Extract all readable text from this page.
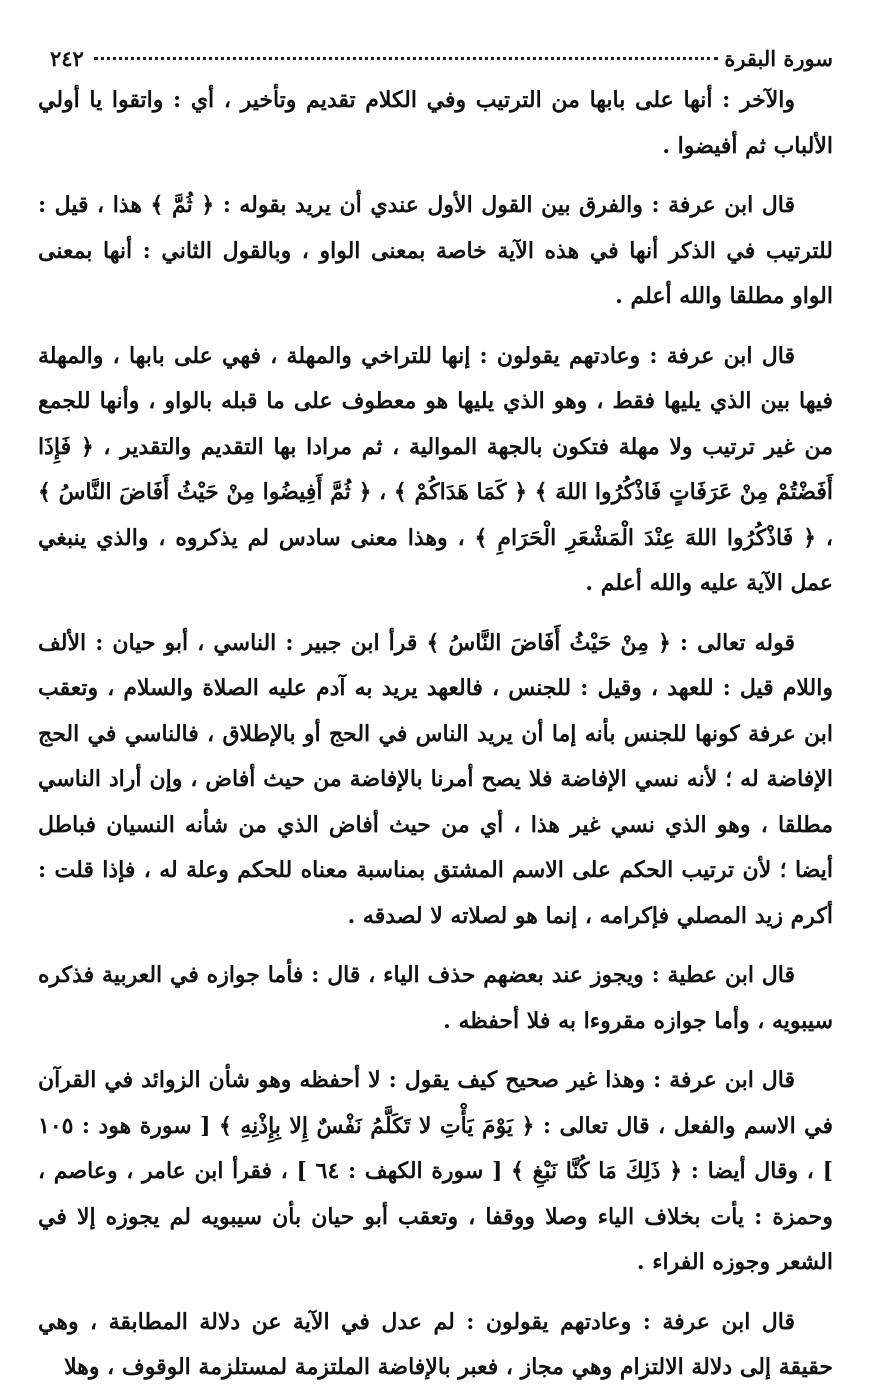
سورة البقرة
٢٤٢

والآخر : أنها على بابها من الترتيب وفي الكلام تقديم وتأخير ، أي : واتقوا يا أولي الألباب ثم أفيضوا .

قال ابن عرفة : والفرق بين القول الأول عندي أن يريد بقوله : ﴿ ثُمَّ ﴾ هذا ، قيل : للترتيب في الذكر أنها في هذه الآية خاصة بمعنى الواو ، وبالقول الثاني : أنها بمعنى الواو مطلقا والله أعلم .

قال ابن عرفة : وعادتهم يقولون : إنها للتراخي والمهلة ، فهي على بابها ، والمهلة فيها بين الذي يليها فقط ، وهو الذي يليها هو معطوف على ما قبله بالواو ، وأنها للجمع من غير ترتيب ولا مهلة فتكون بالجهة الموالية ، ثم مرادا بها التقديم والتقدير ، ﴿ فَإِذَا أَفَضْتُمْ مِنْ عَرَفَاتٍ فَاذْكُرُوا اللهَ ﴾ ﴿ كَمَا هَدَاكُمْ ﴾ ، ﴿ ثُمَّ أَفِيضُوا مِنْ حَيْثُ أَفَاضَ النَّاسُ ﴾ ، ﴿ فَاذْكُرُوا اللهَ عِنْدَ الْمَشْعَرِ الْحَرَامِ ﴾ ، وهذا معنى سادس لم يذكروه ، والذي ينبغي عمل الآية عليه والله أعلم .

قوله تعالى : ﴿ مِنْ حَيْثُ أَفَاضَ النَّاسُ ﴾ قرأ ابن جبير : الناسي ، أبو حيان : الألف واللام قيل : للعهد ، وقيل : للجنس ، فالعهد يريد به آدم عليه الصلاة والسلام ، وتعقب ابن عرفة كونها للجنس بأنه إما أن يريد الناس في الحج أو بالإطلاق ، فالناسي في الحج الإفاضة له ؛ لأنه نسي الإفاضة فلا يصح أمرنا بالإفاضة من حيث أفاض ، وإن أراد الناسي مطلقا ، وهو الذي نسي غير هذا ، أي من حيث أفاض الذي من شأنه النسيان فباطل أيضا ؛ لأن ترتيب الحكم على الاسم المشتق بمناسبة معناه للحكم وعلة له ، فإذا قلت : أكرم زيد المصلي فإكرامه ، إنما هو لصلاته لا لصدقه .

قال ابن عطية : ويجوز عند بعضهم حذف الياء ، قال : فأما جوازه في العربية فذكره سيبويه ، وأما جوازه مقروءا به فلا أحفظه .

قال ابن عرفة : وهذا غير صحيح كيف يقول : لا أحفظه وهو شأن الزوائد في القرآن في الاسم والفعل ، قال تعالى : ﴿ يَوْمَ يَأْتِ لا تَكَلَّمُ نَفْسٌ إِلا بِإِذْنِهِ ﴾ [ سورة هود : ١٠٥ ] ، وقال أيضا : ﴿ ذَلِكَ مَا كُنَّا نَبْغِ ﴾ [ سورة الكهف : ٦٤ ] ، فقرأ ابن عامر ، وعاصم ، وحمزة : يأت بخلاف الياء وصلا ووقفا ، وتعقب أبو حيان بأن سيبويه لم يجوزه إلا في الشعر وجوزه الفراء .

قال ابن عرفة : وعادتهم يقولون : لم عدل في الآية عن دلالة المطابقة ، وهي حقيقة إلى دلالة الالتزام وهي مجاز ، فعبر بالإفاضة الملتزمة لمستلزمة الوقوف ، وهلا
